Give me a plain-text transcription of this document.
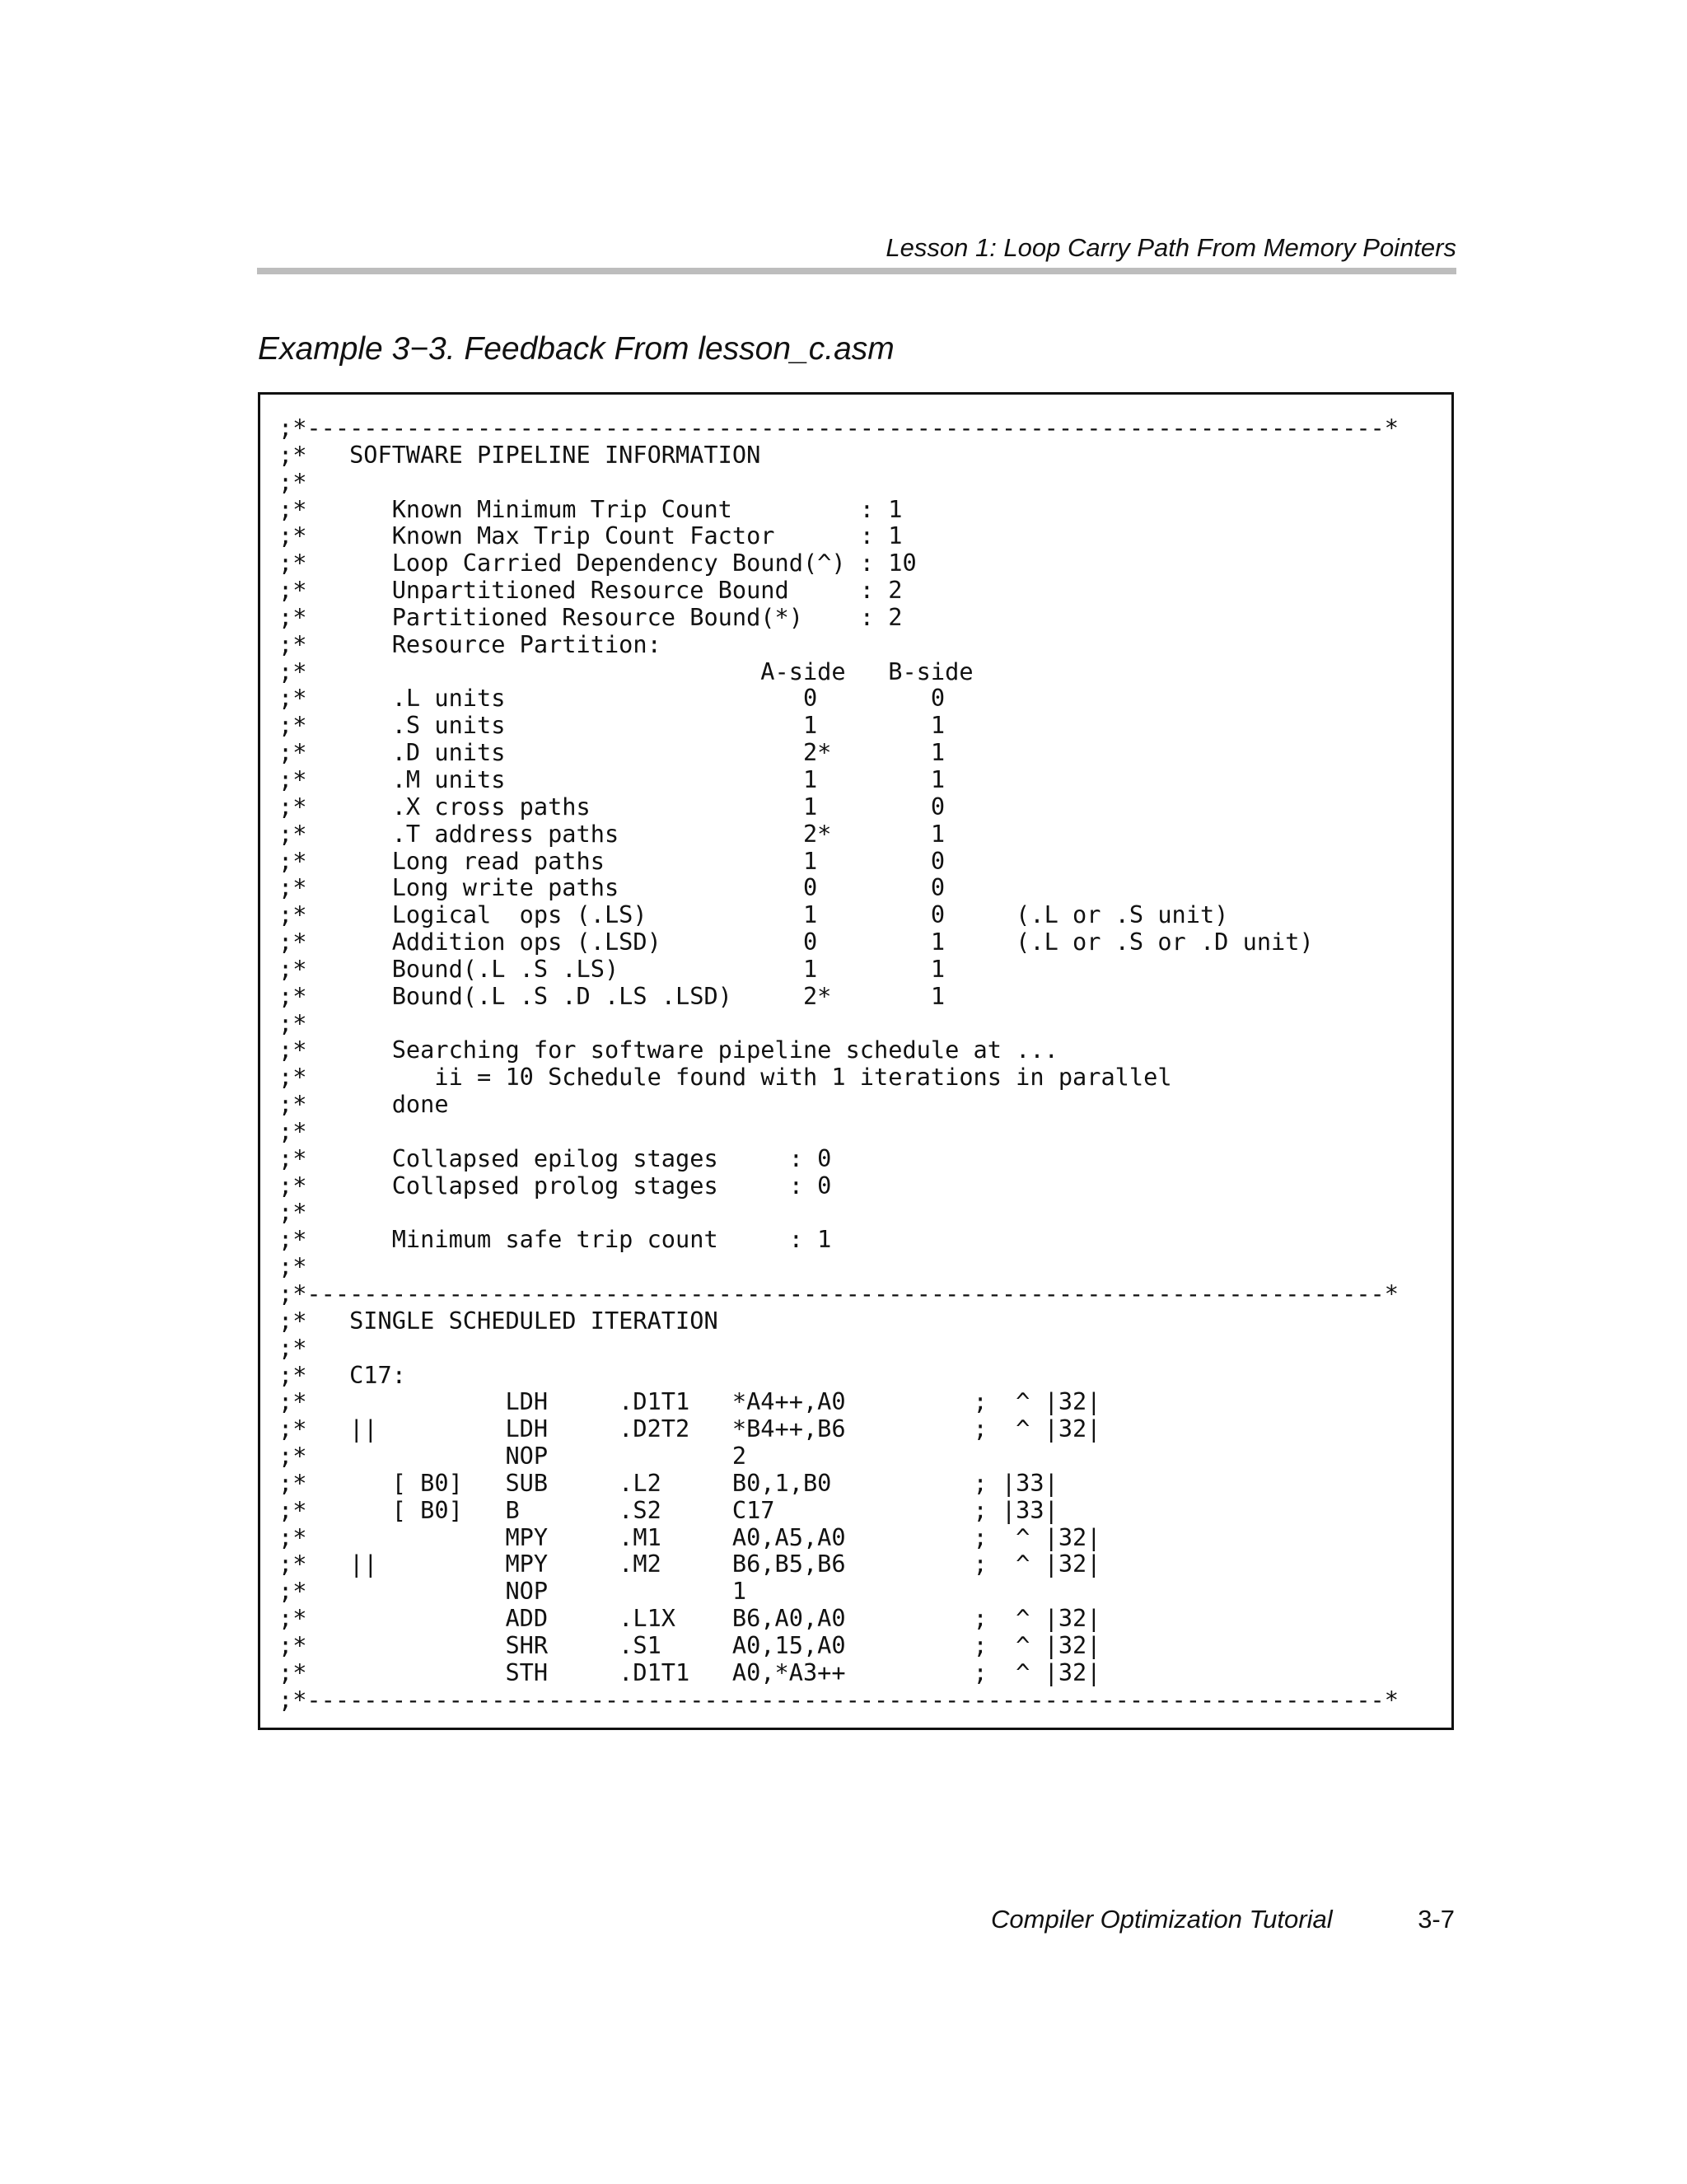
Lesson 1: Loop Carry Path From Memory Pointers
Example 3−3. Feedback From lesson_c.asm
;*----------------------------------------------------------------------------*
;*   SOFTWARE PIPELINE INFORMATION
;*
;*      Known Minimum Trip Count         : 1
;*      Known Max Trip Count Factor      : 1
;*      Loop Carried Dependency Bound(^) : 10
;*      Unpartitioned Resource Bound     : 2
;*      Partitioned Resource Bound(*)    : 2
;*      Resource Partition:
;*                                A-side   B-side
;*      .L units                     0        0
;*      .S units                     1        1
;*      .D units                     2*       1
;*      .M units                     1        1
;*      .X cross paths               1        0
;*      .T address paths             2*       1
;*      Long read paths              1        0
;*      Long write paths             0        0
;*      Logical  ops (.LS)           1        0     (.L or .S unit)
;*      Addition ops (.LSD)          0        1     (.L or .S or .D unit)
;*      Bound(.L .S .LS)             1        1
;*      Bound(.L .S .D .LS .LSD)     2*       1
;*
;*      Searching for software pipeline schedule at ...
;*         ii = 10 Schedule found with 1 iterations in parallel
;*      done
;*
;*      Collapsed epilog stages     : 0
;*      Collapsed prolog stages     : 0
;*
;*      Minimum safe trip count     : 1
;*
;*----------------------------------------------------------------------------*
;*   SINGLE SCHEDULED ITERATION
;*
;*   C17:
;*              LDH     .D1T1   *A4++,A0         ;  ^ |32|
;*   ||         LDH     .D2T2   *B4++,B6         ;  ^ |32|
;*              NOP             2
;*      [ B0]   SUB     .L2     B0,1,B0          ; |33|
;*      [ B0]   B       .S2     C17              ; |33|
;*              MPY     .M1     A0,A5,A0         ;  ^ |32|
;*   ||         MPY     .M2     B6,B5,B6         ;  ^ |32|
;*              NOP             1
;*              ADD     .L1X    B6,A0,A0         ;  ^ |32|
;*              SHR     .S1     A0,15,A0         ;  ^ |32|
;*              STH     .D1T1   A0,*A3++         ;  ^ |32|
;*----------------------------------------------------------------------------*
Compiler Optimization Tutorial	3-7
